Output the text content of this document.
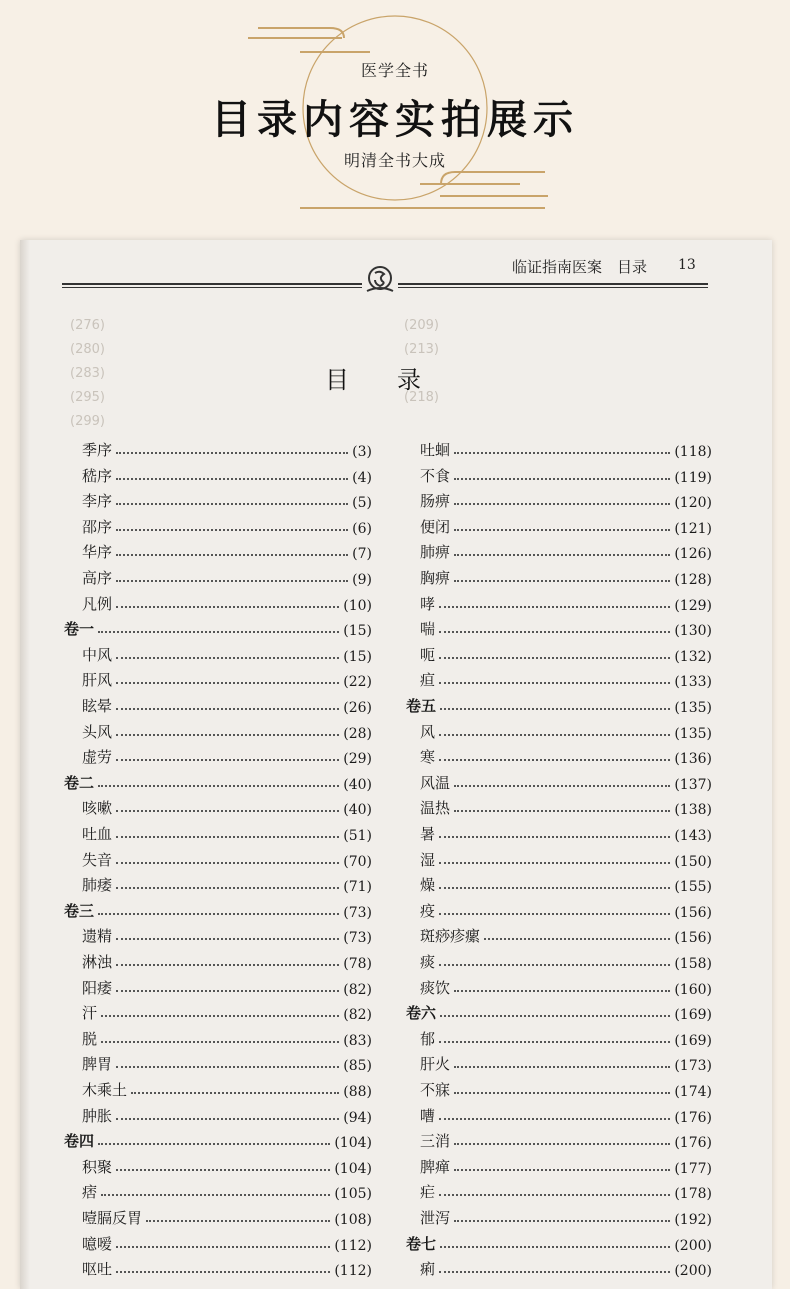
医学全书
目录内容实拍展示
明清全书大成
临证指南医案　目录 13
(276)
(280)
(283)
(295)
(299)
(209)
(213)
(218)
目录
季序	(3)
嵇序	(4)
李序	(5)
邵序	(6)
华序	(7)
高序	(9)
凡例	(10)
卷一	(15)
中风	(15)
肝风	(22)
眩晕	(26)
头风	(28)
虚劳	(29)
卷二	(40)
咳嗽	(40)
吐血	(51)
失音	(70)
肺痿	(71)
卷三	(73)
遗精	(73)
淋浊	(78)
阳痿	(82)
汗	(82)
脱	(83)
脾胃	(85)
木乘土	(88)
肿胀	(94)
卷四	(104)
积聚	(104)
痞	(105)
噎膈反胃	(108)
噫嗳	(112)
呕吐	(112)
吐蛔	(118)
不食	(119)
肠痹	(120)
便闭	(121)
肺痹	(126)
胸痹	(128)
哮	(129)
喘	(130)
呃	(132)
疸	(133)
卷五	(135)
风	(135)
寒	(136)
风温	(137)
温热	(138)
暑	(143)
湿	(150)
燥	(155)
疫	(156)
斑痧疹瘰	(156)
痰	(158)
痰饮	(160)
卷六	(169)
郁	(169)
肝火	(173)
不寐	(174)
嘈	(176)
三消	(176)
脾瘅	(177)
疟	(178)
泄泻	(192)
卷七	(200)
痢	(200)
